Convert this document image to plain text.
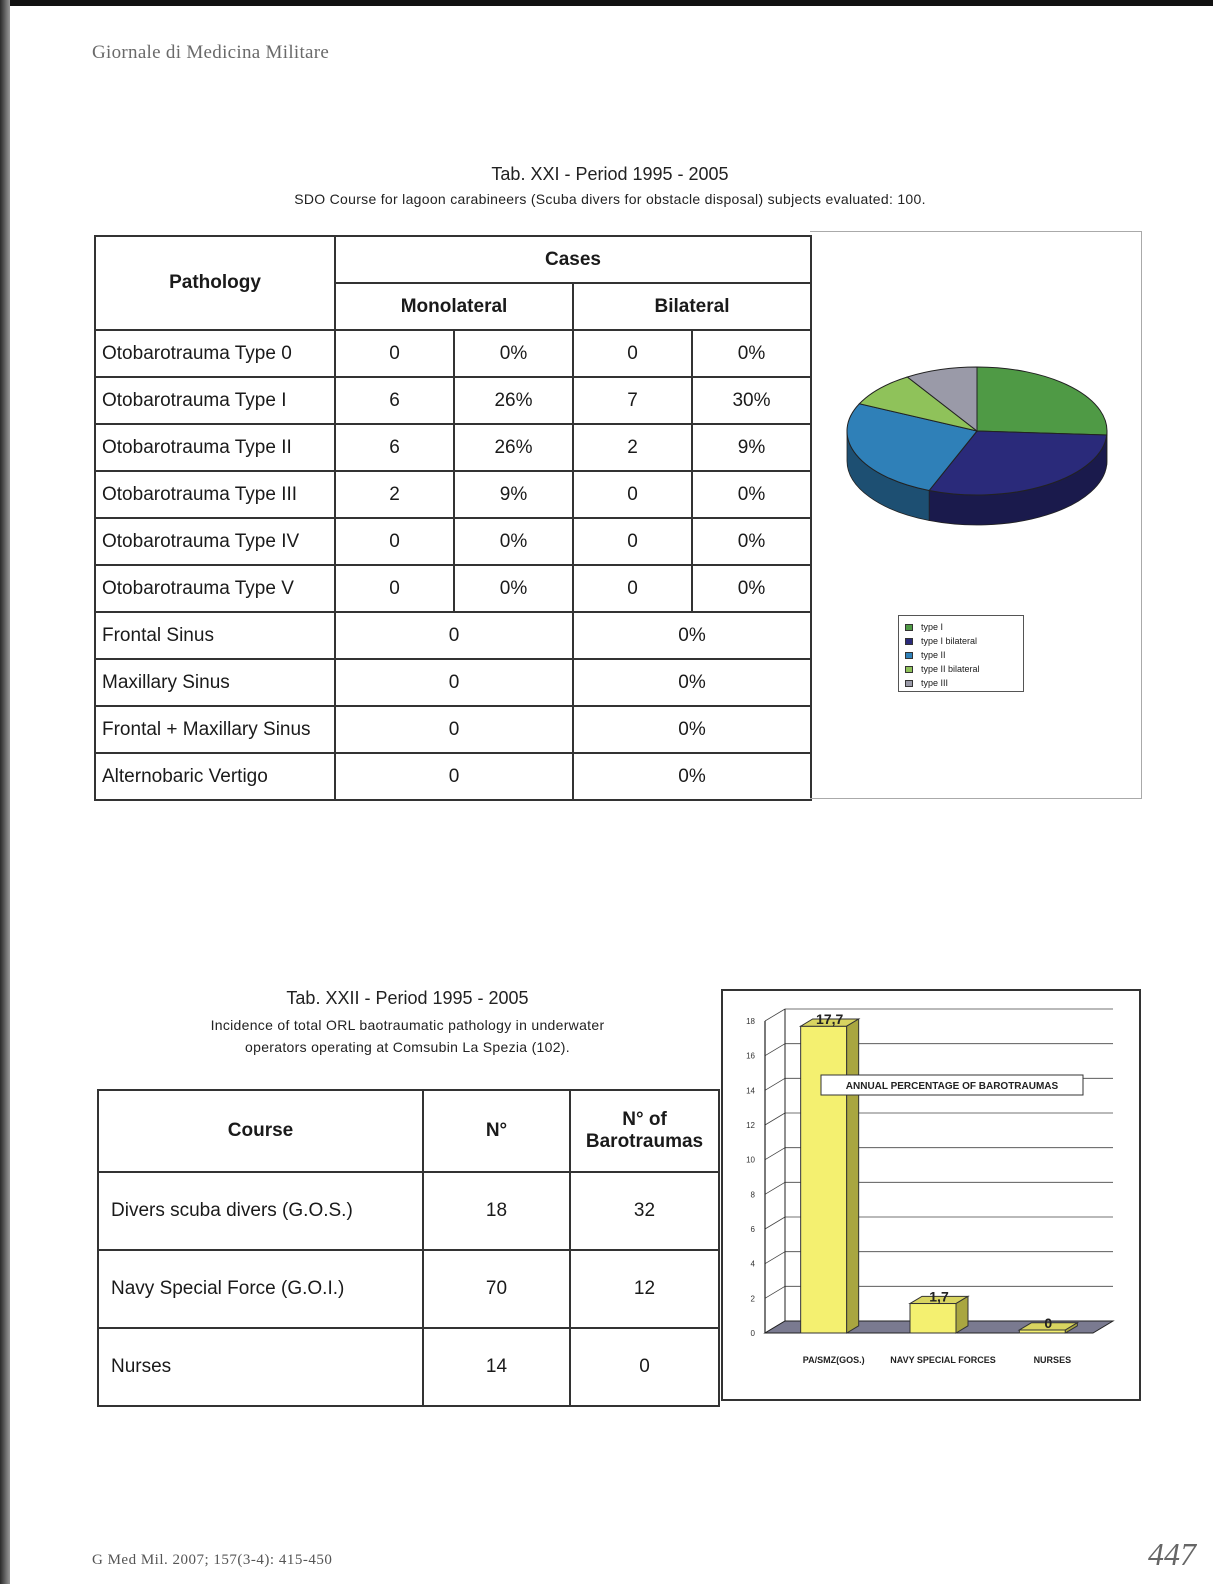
Giornale di Medicina Militare
Tab. XXI - Period 1995 - 2005
SDO Course for lagoon carabineers (Scuba divers for obstacle disposal) subjects evaluated: 100.
Pathology	Cases			
	Monolateral		Bilateral	
Otobarotrauma Type 0	0	0%	0	0%
Otobarotrauma Type I	6	26%	7	30%
Otobarotrauma Type II	6	26%	2	9%
Otobarotrauma Type III	2	9%	0	0%
Otobarotrauma Type IV	0	0%	0	0%
Otobarotrauma Type V	0	0%	0	0%
Frontal Sinus	0		0%	
Maxillary Sinus	0		0%	
Frontal + Maxillary Sinus	0		0%	
Alternobaric Vertigo	0		0%	
type I
type I bilateral
type II
type II bilateral
type III
Tab. XXII - Period 1995 - 2005
Incidence of total ORL baotraumatic pathology in underwater
operators operating at Comsubin La Spezia (102).
Course	N°	N° of
Barotraumas
Divers scuba divers (G.O.S.)	18	32
Navy Special Force (G.O.I.)	70	12
Nurses	14	0
0
2
4
6
8
10
12
14
16
18	17,7
PA/SMZ(GOS.)
1,7
NAVY SPECIAL FORCES
0
NURSES
ANNUAL PERCENTAGE OF BAROTRAUMAS
G Med Mil. 2007; 157(3-4): 415-450	447
